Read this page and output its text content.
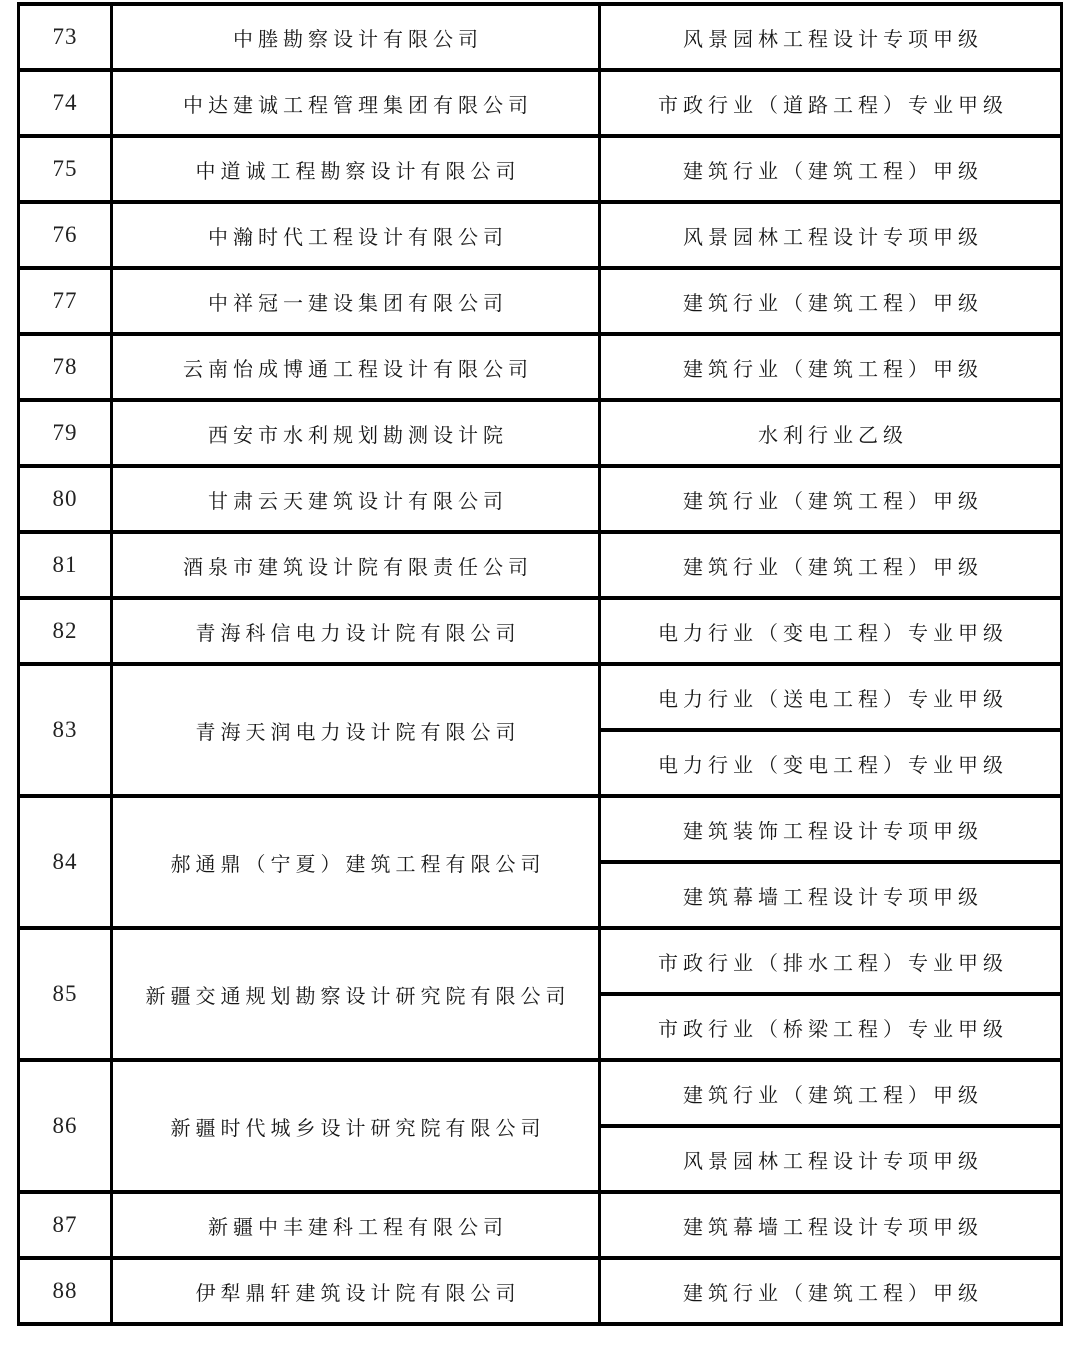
73	中塍勘察设计有限公司	风景园林工程设计专项甲级
74	中达建诚工程管理集团有限公司	市政行业（道路工程）专业甲级
75	中道诚工程勘察设计有限公司	建筑行业（建筑工程）甲级
76	中瀚时代工程设计有限公司	风景园林工程设计专项甲级
77	中祥冠一建设集团有限公司	建筑行业（建筑工程）甲级
78	云南怡成博通工程设计有限公司	建筑行业（建筑工程）甲级
79	西安市水利规划勘测设计院	水利行业乙级
80	甘肃云天建筑设计有限公司	建筑行业（建筑工程）甲级
81	酒泉市建筑设计院有限责任公司	建筑行业（建筑工程）甲级
82	青海科信电力设计院有限公司	电力行业（变电工程）专业甲级
83	青海天润电力设计院有限公司	电力行业（送电工程）专业甲级
		电力行业（变电工程）专业甲级
84	郝通鼎（宁夏）建筑工程有限公司	建筑装饰工程设计专项甲级
		建筑幕墙工程设计专项甲级
85	新疆交通规划勘察设计研究院有限公司	市政行业（排水工程）专业甲级
		市政行业（桥梁工程）专业甲级
86	新疆时代城乡设计研究院有限公司	建筑行业（建筑工程）甲级
		风景园林工程设计专项甲级
87	新疆中丰建科工程有限公司	建筑幕墙工程设计专项甲级
88	伊犁鼎轩建筑设计院有限公司	建筑行业（建筑工程）甲级
